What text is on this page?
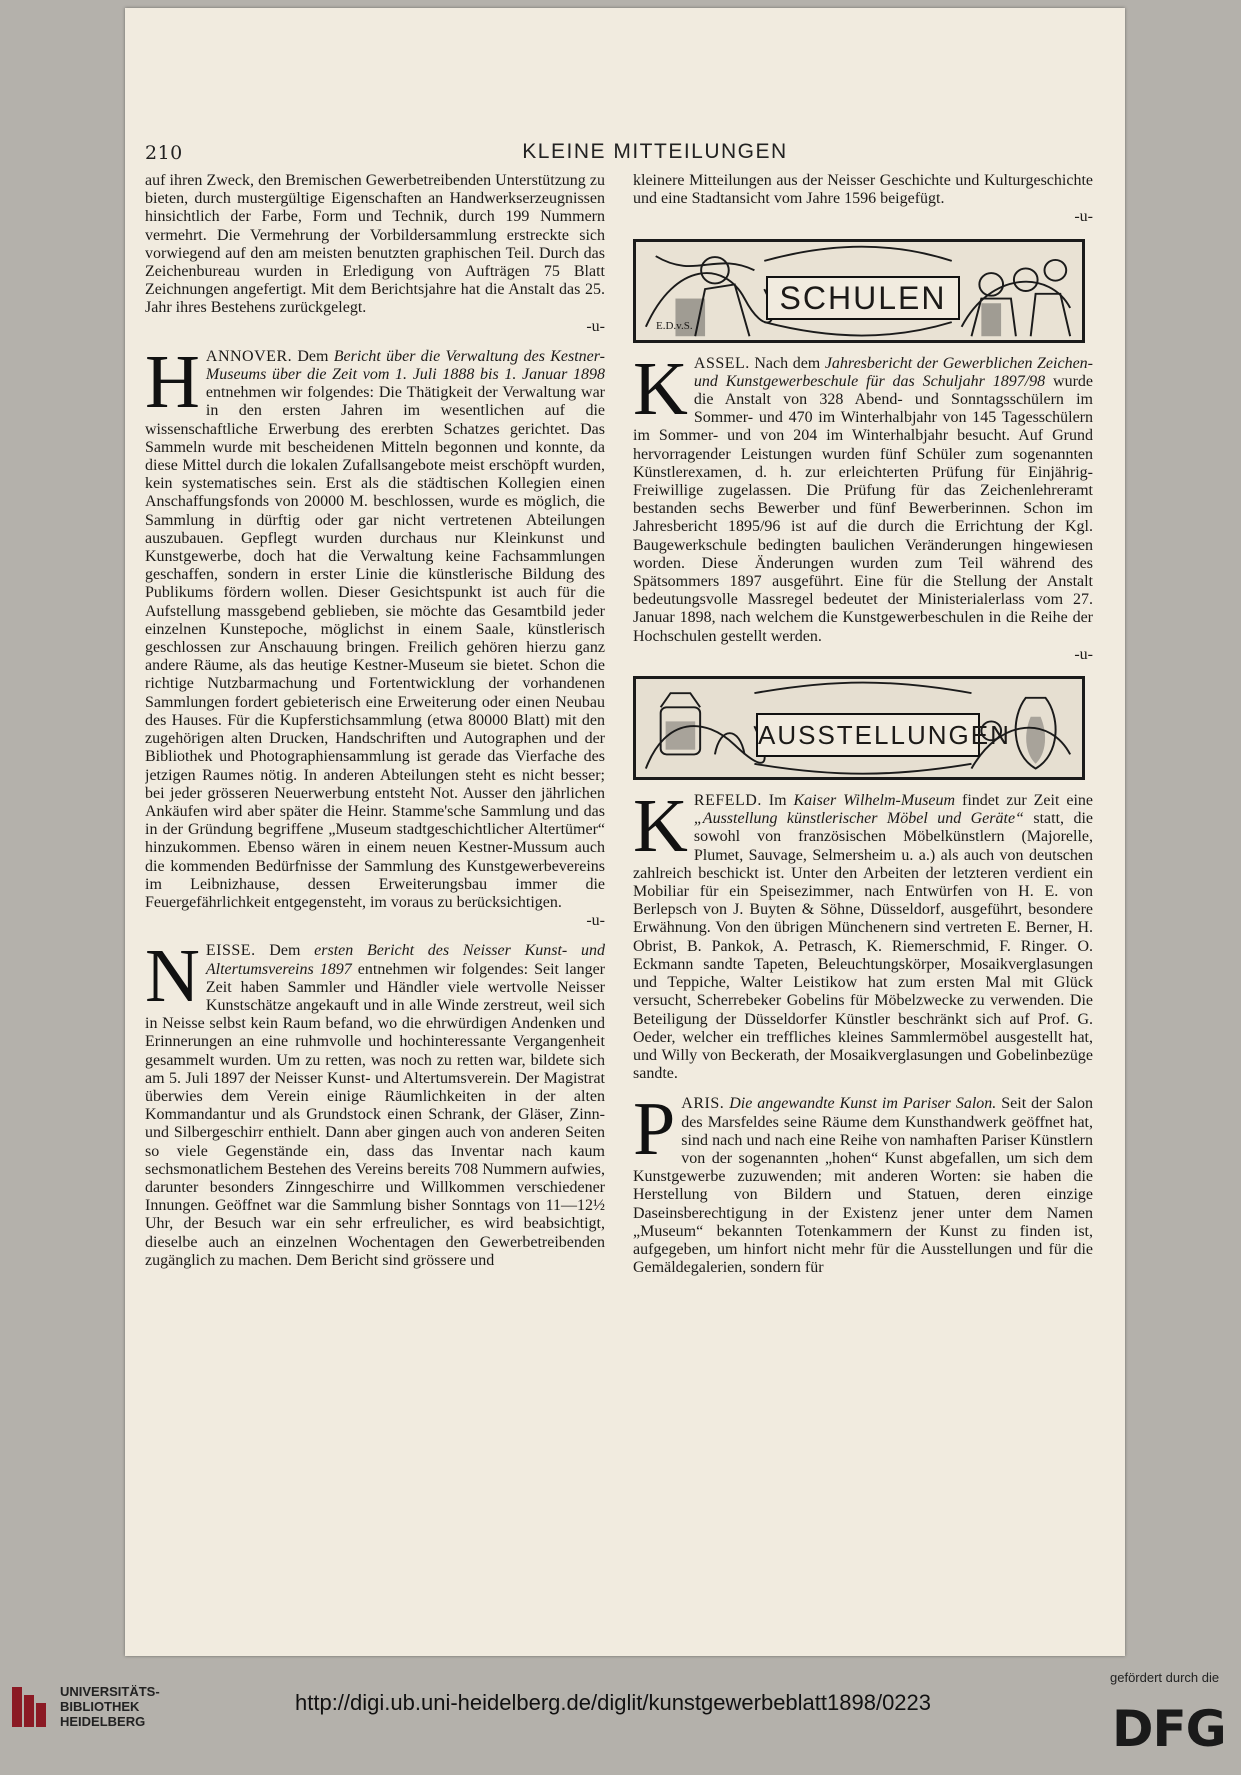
210	KLEINE MITTEILUNGEN

auf ihren Zweck, den Bremischen Gewerbetreibenden Unterstützung zu bieten, durch mustergültige Eigenschaften an Handwerkserzeugnissen hinsichtlich der Farbe, Form und Technik, durch 199 Nummern vermehrt. Die Vermehrung der Vorbildersammlung erstreckte sich vorwiegend auf den am meisten benutzten graphischen Teil. Durch das Zeichenbureau wurden in Erledigung von Aufträgen 75 Blatt Zeichnungen angefertigt. Mit dem Berichtsjahre hat die Anstalt das 25. Jahr ihres Bestehens zurückgelegt.

-u-

H ANNOVER. Dem Bericht über die Verwaltung des Kestner-Museums über die Zeit vom 1. Juli 1888 bis 1. Januar 1898 entnehmen wir folgendes: Die Thätigkeit der Verwaltung war in den ersten Jahren im wesentlichen auf die wissenschaftliche Erwerbung des ererbten Schatzes gerichtet. Das Sammeln wurde mit bescheidenen Mitteln begonnen und konnte, da diese Mittel durch die lokalen Zufallsangebote meist erschöpft wurden, kein systematisches sein. Erst als die städtischen Kollegien einen Anschaffungsfonds von 20000 M. beschlossen, wurde es möglich, die Sammlung in dürftig oder gar nicht vertretenen Abteilungen auszubauen. Gepflegt wurden durchaus nur Kleinkunst und Kunstgewerbe, doch hat die Verwaltung keine Fachsammlungen geschaffen, sondern in erster Linie die künstlerische Bildung des Publikums fördern wollen. Dieser Gesichtspunkt ist auch für die Aufstellung massgebend geblieben, sie möchte das Gesamtbild jeder einzelnen Kunstepoche, möglichst in einem Saale, künstlerisch geschlossen zur Anschauung bringen. Freilich gehören hierzu ganz andere Räume, als das heutige Kestner-Museum sie bietet. Schon die richtige Nutzbarmachung und Fortentwicklung der vorhandenen Sammlungen fordert gebieterisch eine Erweiterung oder einen Neubau des Hauses. Für die Kupferstichsammlung (etwa 80000 Blatt) mit den zugehörigen alten Drucken, Handschriften und Autographen und der Bibliothek und Photographiensammlung ist gerade das Vierfache des jetzigen Raumes nötig. In anderen Abteilungen steht es nicht besser; bei jeder grösseren Neuerwerbung entsteht Not. Ausser den jährlichen Ankäufen wird aber später die Heinr. Stamme'sche Sammlung und das in der Gründung begriffene „Museum stadtgeschichtlicher Altertümer“ hinzukommen. Ebenso wären in einem neuen Kestner-Mussum auch die kommenden Bedürfnisse der Sammlung des Kunstgewerbevereins im Leibnizhause, dessen Erweiterungsbau immer die Feuergefährlichkeit entgegensteht, im voraus zu berücksichtigen.

-u-

N EISSE. Dem ersten Bericht des Neisser Kunst- und Altertumsvereins 1897 entnehmen wir folgendes: Seit langer Zeit haben Sammler und Händler viele wertvolle Neisser Kunstschätze angekauft und in alle Winde zerstreut, weil sich in Neisse selbst kein Raum befand, wo die ehrwürdigen Andenken und Erinnerungen an eine ruhmvolle und hochinteressante Vergangenheit gesammelt wurden. Um zu retten, was noch zu retten war, bildete sich am 5. Juli 1897 der Neisser Kunst- und Altertumsverein. Der Magistrat überwies dem Verein einige Räumlichkeiten in der alten Kommandantur und als Grundstock einen Schrank, der Gläser, Zinn- und Silbergeschirr enthielt. Dann aber gingen auch von anderen Seiten so viele Gegenstände ein, dass das Inventar nach kaum sechsmonatlichem Bestehen des Vereins bereits 708 Nummern aufwies, darunter besonders Zinngeschirre und Willkommen verschiedener Innungen. Geöffnet war die Sammlung bisher Sonntags von 11—12½ Uhr, der Besuch war ein sehr erfreulicher, es wird beabsichtigt, dieselbe auch an einzelnen Wochentagen den Gewerbetreibenden zugänglich zu machen. Dem Bericht sind grössere und

kleinere Mitteilungen aus der Neisser Geschichte und Kulturgeschichte und eine Stadtansicht vom Jahre 1596 beigefügt.

-u-

SCHULEN
E.D.v.S.
K ASSEL. Nach dem Jahresbericht der Gewerblichen Zeichen- und Kunstgewerbeschule für das Schuljahr 1897/98 wurde die Anstalt von 328 Abend- und Sonntagsschülern im Sommer- und 470 im Winterhalbjahr von 145 Tagesschülern im Sommer- und von 204 im Winterhalbjahr besucht. Auf Grund hervorragender Leistungen wurden fünf Schüler zum sogenannten Künstlerexamen, d. h. zur erleichterten Prüfung für Einjährig-Freiwillige zugelassen. Die Prüfung für das Zeichenlehreramt bestanden sechs Bewerber und fünf Bewerberinnen. Schon im Jahresbericht 1895/96 ist auf die durch die Errichtung der Kgl. Baugewerkschule bedingten baulichen Veränderungen hingewiesen worden. Diese Änderungen wurden zum Teil während des Spätsommers 1897 ausgeführt. Eine für die Stellung der Anstalt bedeutungsvolle Massregel bedeutet der Ministerialerlass vom 27. Januar 1898, nach welchem die Kunstgewerbeschulen in die Reihe der Hochschulen gestellt werden.

-u-

AUSSTELLUNGEN
K REFELD. Im Kaiser Wilhelm-Museum findet zur Zeit eine „Ausstellung künstlerischer Möbel und Geräte“ statt, die sowohl von französischen Möbelkünstlern (Majorelle, Plumet, Sauvage, Selmersheim u. a.) als auch von deutschen zahlreich beschickt ist. Unter den Arbeiten der letzteren verdient ein Mobiliar für ein Speisezimmer, nach Entwürfen von H. E. von Berlepsch von J. Buyten & Söhne, Düsseldorf, ausgeführt, besondere Erwähnung. Von den übrigen Münchenern sind vertreten E. Berner, H. Obrist, B. Pankok, A. Petrasch, K. Riemerschmid, F. Ringer. O. Eckmann sandte Tapeten, Beleuchtungskörper, Mosaikverglasungen und Teppiche, Walter Leistikow hat zum ersten Mal mit Glück versucht, Scherrebeker Gobelins für Möbelzwecke zu verwenden. Die Beteiligung der Düsseldorfer Künstler beschränkt sich auf Prof. G. Oeder, welcher ein treffliches kleines Sammlermöbel ausgestellt hat, und Willy von Beckerath, der Mosaikverglasungen und Gobelinbezüge sandte.
P ARIS. Die angewandte Kunst im Pariser Salon. Seit der Salon des Marsfeldes seine Räume dem Kunsthandwerk geöffnet hat, sind nach und nach eine Reihe von namhaften Pariser Künstlern von der sogenannten „hohen“ Kunst abgefallen, um sich dem Kunstgewerbe zuzuwenden; mit anderen Worten: sie haben die Herstellung von Bildern und Statuen, deren einzige Daseinsberechtigung in der Existenz jener unter dem Namen „Museum“ bekannten Totenkammern der Kunst zu finden ist, aufgegeben, um hinfort nicht mehr für die Ausstellungen und für die Gemäldegalerien, sondern für
UNIVERSITÄTS-
BIBLIOTHEK
HEIDELBERG
http://digi.ub.uni-heidelberg.de/diglit/kunstgewerbeblatt1898/0223
gefördert durch die
DFG
